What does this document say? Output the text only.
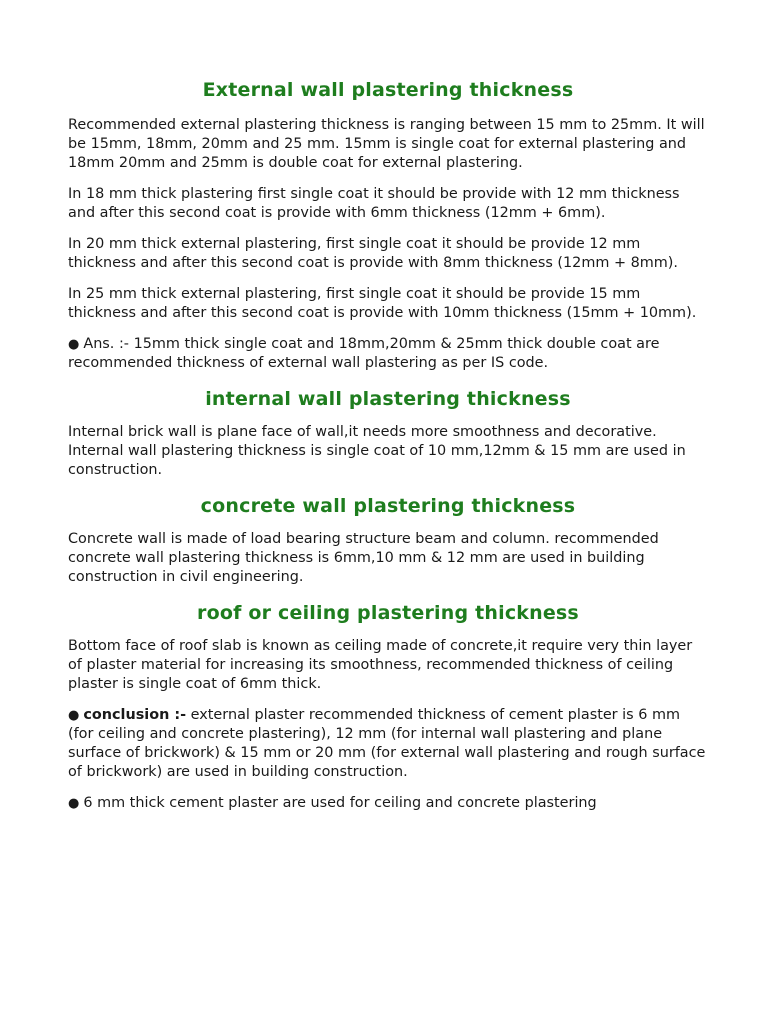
External wall plastering thickness

Recommended external plastering thickness is ranging between 15 mm to 25mm. It will be 15mm, 18mm, 20mm and 25 mm. 15mm is single coat for external plastering and 18mm 20mm and 25mm is double coat for external plastering.

In 18 mm thick plastering first single coat it should be provide with 12 mm thickness and after this second coat is provide with 6mm thickness (12mm + 6mm).

In 20 mm thick external plastering, first single coat it should be provide 12 mm thickness and after this second coat is provide with 8mm thickness (12mm + 8mm).

In 25 mm thick external plastering, first single coat it should be provide 15 mm thickness and after this second coat is provide with 10mm thickness (15mm + 10mm).

● Ans. :- 15mm thick single coat and 18mm,20mm & 25mm thick double coat are recommended thickness of external wall plastering as per IS code.

internal wall plastering thickness

Internal brick wall is plane face of wall,it needs more smoothness and decorative. Internal wall plastering thickness is single coat of 10 mm,12mm & 15 mm are used in construction.

concrete wall plastering thickness

Concrete wall is made of load bearing structure beam and column. recommended concrete wall plastering thickness is 6mm,10 mm & 12 mm are used in building construction in civil engineering.

roof or ceiling plastering thickness

Bottom face of roof slab is known as ceiling made of concrete,it require very thin layer of plaster material for increasing its smoothness, recommended thickness of ceiling plaster is single coat of 6mm thick.

● conclusion :- external plaster recommended thickness of cement plaster is 6 mm (for ceiling and concrete plastering), 12 mm (for internal wall plastering and plane surface of brickwork) & 15 mm or 20 mm (for external wall plastering and rough surface of brickwork) are used in building construction.

● 6 mm thick cement plaster are used for ceiling and concrete plastering
